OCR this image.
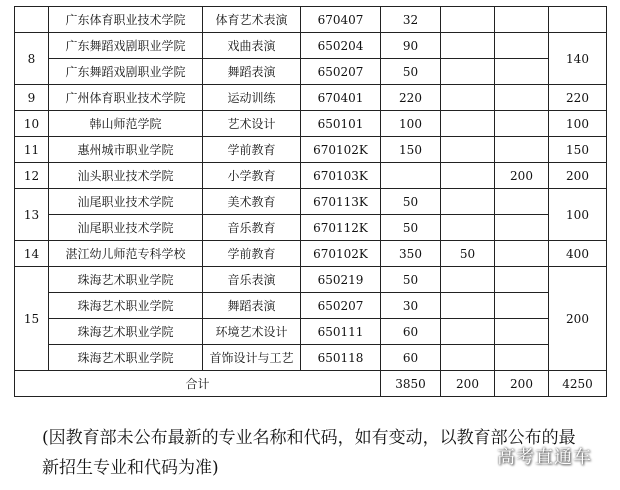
	广东体育职业技术学院	体育艺术表演	670407	32			
8	广东舞蹈戏剧职业学院	戏曲表演	650204	90			140
	广东舞蹈戏剧职业学院	舞蹈表演	650207	50			
9	广州体育职业技术学院	运动训练	670401	220			220
10	韩山师范学院	艺术设计	650101	100			100
11	惠州城市职业学院	学前教育	670102K	150			150
12	汕头职业技术学院	小学教育	670103K			200	200
13	汕尾职业技术学院	美术教育	670113K	50			100
	汕尾职业技术学院	音乐教育	670112K	50			
14	湛江幼儿师范专科学校	学前教育	670102K	350	50		400
15	珠海艺术职业学院	音乐表演	650219	50			200
	珠海艺术职业学院	舞蹈表演	650207	30			
	珠海艺术职业学院	环境艺术设计	650111	60			
	珠海艺术职业学院	首饰设计与工艺	650118	60			
合计				3850	200	200	4250
(因教育部未公布最新的专业名称和代码，如有变动，以教育部公布的最新招生专业和代码为准)	高考直通车
